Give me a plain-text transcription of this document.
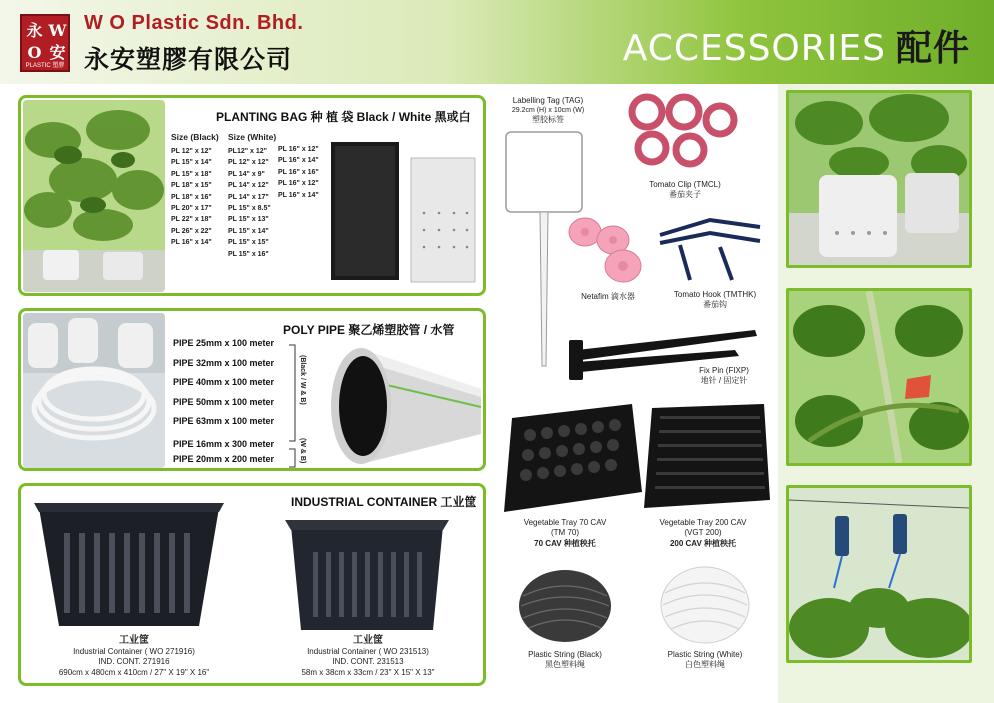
永 W
O 安
PLASTIC 塑膠
W O Plastic Sdn. Bhd.
永安塑膠有限公司	ACCESSORIES 配件
PLANTING BAG 种 植 袋 Black / White 黑或白
Size (Black)
PL 12" x 12"
PL 15" x 14"
PL 15" x 18"
PL 18" x 15"
PL 18" x 16"
PL 20" x 17"
PL 22" x 18"
PL 26" x 22"
PL 16" x 14"
Size (White)
PL12" x 12"
PL 12" x 12"
PL 14" x 9"
PL 14" x 12"
PL 14" x 17"
PL 15" x 8.5"
PL 15" x 13"
PL 15" x 14"
PL 15" x 15"
PL 15" x 16"
PL 16" x 12"
PL 16" x 14"
PL 16" x 16"
PL 16" x 12"
PL 16" x 14"
POLY PIPE 聚乙烯塑胶管 / 水管
PIPE 25mm x 100 meter
PIPE 32mm x 100 meter
PIPE 40mm x 100 meter
PIPE 50mm x 100 meter
PIPE 63mm x 100 meter
PIPE 16mm x 300 meter
PIPE 20mm x 200 meter
(Black / W & B)
(W & B)
INDUSTRIAL CONTAINER 工业筐
工业筐
Industrial Container ( WO 271916)
IND. CONT. 271916
690cm x 480cm x 410cm / 27" X 19" X 16"
工业筐
Industrial Container ( WO 231513)
IND. CONT. 231513
58m x 38cm x 33cm / 23" X 15" X 13"
Labelling Tag (TAG)
29.2cm (H) x 10cm (W)
塑胶标签
Tomato Clip (TMCL)
番茄夹子
Netafim 滴水器	Tomato Hook (TMTHK)
番茄钩
Fix Pin (FIXP)
地针 / 固定针
Vegetable Tray 70 CAV
(TM 70)
70 CAV 种植秧托
Vegetable Tray 200 CAV
(VGT 200)
200 CAV 种植秧托
Plastic String (Black)
黑色塑料绳
Plastic String (White)
白色塑料绳
